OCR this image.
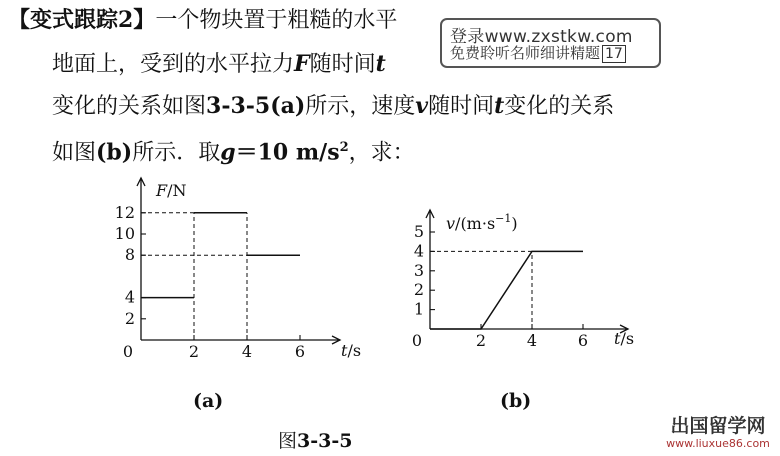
【变式跟踪2】一个物块置于粗糙的水平
地面上，受到的水平拉力F随时间t
变化的关系如图3-3-5(a)所示，速度v随时间t变化的关系
如图(b)所示．取g＝10 $m/s^2$，求：
登录www.zxstkw.com
免费聆听名师细讲精题 17
2	4	6
2
4
8
10
12
0
F/N
t/s
2	4	6
1
2
3
4
5
0
$v/(m\cdot s^{-1})$
t/s
(a)	(b)
图3-3-5
出国留学网
www.liuxue86.com
